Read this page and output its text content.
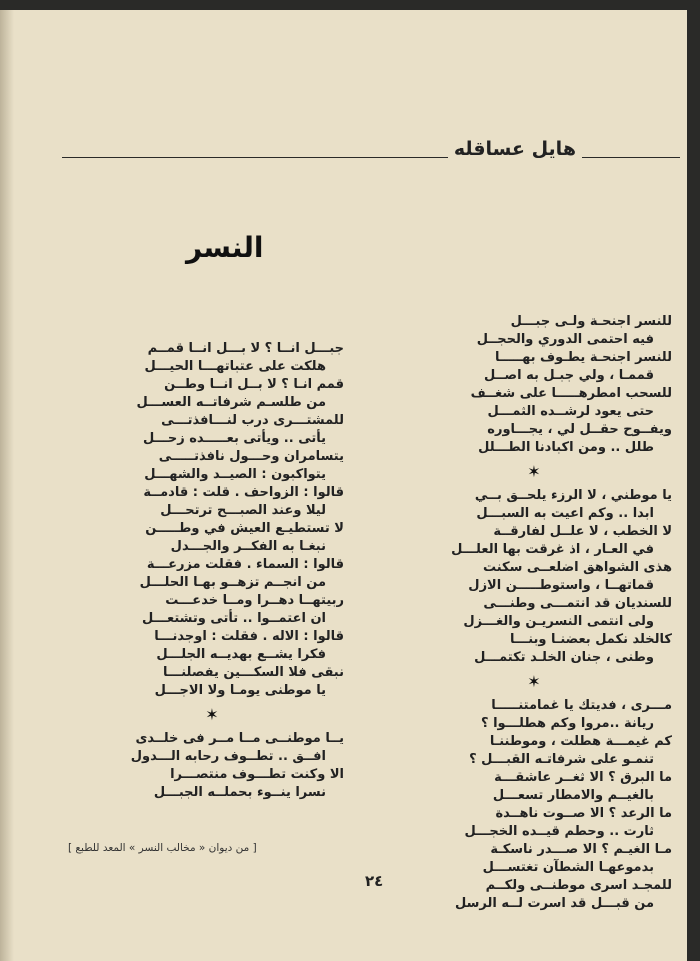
هايل عساقله
النسر
للنسر اجنحـة ولـى جبـــل
فيه احتمى الدوري والحجــل
للنسر اجنحـة يطـوف بهـــــا
قممـا ، ولي جبـل به اصــل
للسحب امطرهـــــا على شغــف
حتى يعود لرشــده الثمـــل
ويفــوح حقــل لي ، يجـــاوره
طلل .. ومن اكبادنا الطـــلل
✶
يا موطني ، لا الرزء يلحــق بــي
ابدا .. وكم اعيت به السبـــل
لا الخطب ، لا علــل لفارقــة
في العـار ، اذ غرقت بها العلـــل
هذى الشواهق اضلعــى سكنت
قماتهــا ، واستوطـــــن الازل
للسنديان قد انتمـــى وطنـــى
ولى انتمى النسريـن والغـــزل
كالخلد نكمل بعضنـا وبنـــا
وطنى ، جنان الخلـد تكتمـــل
✶
مـــرى ، فديتك يا غمامتنـــــا
ريانة ..مروا وكم هطلـــوا ؟
كم غيمـــة هطلت ، وموطننـا
تنمـو على شرفاتـه القبـــل ؟
ما البرق ؟ الا ثغــر عاشقـــة
بالغيــم والامطار تسعـــل
ما الرعد ؟ الا صــوت ناهــدة
ثارت .. وحطم قيــده الخجـــل
مـا الغيـم ؟ الا صـــدر ناسكـة
بدموعهـا الشطآن تغتســـل
للمجـد اسرى موطنــى ولكــم
من قبـــل قد اسرت لــه الرسل
جبـــل انــا ؟ لا بـــل انــا قمــم
هلكت على عتباتهـــا الحيـــل
قمم انـا ؟ لا بــل انــا وطــن
من طلسـم شرفاتــه العســـل
للمشتـــرى درب لنـــافذتـــى
يأتى .. ويأتى بعـــــده زحـــل
يتسامران وحـــول نافذتـــــى
يتواكبون : الصيــد والشهـــل
قالوا : الزواحف . قلت : قادمــة
ليلا وعند الصبـــح ترتحـــل
لا تستطيـع العيش في وطـــــن
نبغـا به الفكــر والجـــدل
قالوا : السماء . فقلت مزرعـــة
من انجــم تزهــو بهـا الحلـــل
ربيتهــا دهــرا ومــا خدعـــت
ان اعتمــوا .. تأتى وتشتعـــل
قالوا : الاله . فقلت : اوجدنـــا
فكرا يشــع بهديــه الجلـــل
نبقى فلا السكـــين يفصلنـــا
يا موطنى يومـا ولا الاجـــل
✶
يــا موطنــى مــا مــر فى خلــدى
افــق .. تطــوف رحابه الـــدول
الا وكنت تطـــوف منتصـــرا
نسرا ينــوء بحملــه الجبـــل
[ من ديوان « مخالب النسر » المعد للطبع ]
٢٤
